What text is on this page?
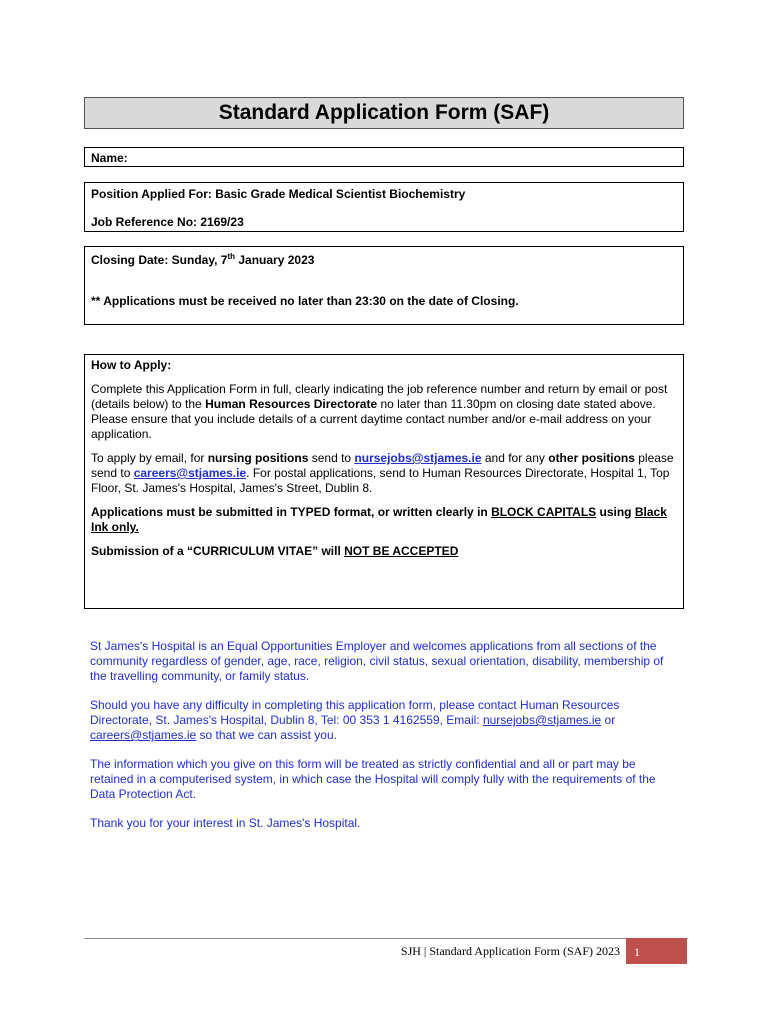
Standard Application Form (SAF)
Name:

Position Applied For: Basic Grade Medical Scientist Biochemistry

Job Reference No: 2169/23

Closing Date: Sunday, 7th January 2023

** Applications must be received no later than 23:30 on the date of Closing.

How to Apply:

Complete this Application Form in full, clearly indicating the job reference number and return by email or post (details below) to the Human Resources Directorate no later than 11.30pm on closing date stated above. Please ensure that you include details of a current daytime contact number and/or e-mail address on your application.

To apply by email, for nursing positions send to nursejobs@stjames.ie and for any other positions please send to careers@stjames.ie. For postal applications, send to Human Resources Directorate, Hospital 1, Top Floor, St. James's Hospital, James's Street, Dublin 8.

Applications must be submitted in TYPED format, or written clearly in BLOCK CAPITALS using Black Ink only.

Submission of a “CURRICULUM VITAE” will NOT BE ACCEPTED

St James's Hospital is an Equal Opportunities Employer and welcomes applications from all sections of the community regardless of gender, age, race, religion, civil status, sexual orientation, disability, membership of the travelling community, or family status.

Should you have any difficulty in completing this application form, please contact Human Resources Directorate, St. James's Hospital, Dublin 8, Tel: 00 353 1 4162559, Email: nursejobs@stjames.ie or careers@stjames.ie so that we can assist you.

The information which you give on this form will be treated as strictly confidential and all or part may be retained in a computerised system, in which case the Hospital will comply fully with the requirements of the Data Protection Act.

Thank you for your interest in St. James's Hospital.

SJH | Standard Application Form (SAF) 2023	1
